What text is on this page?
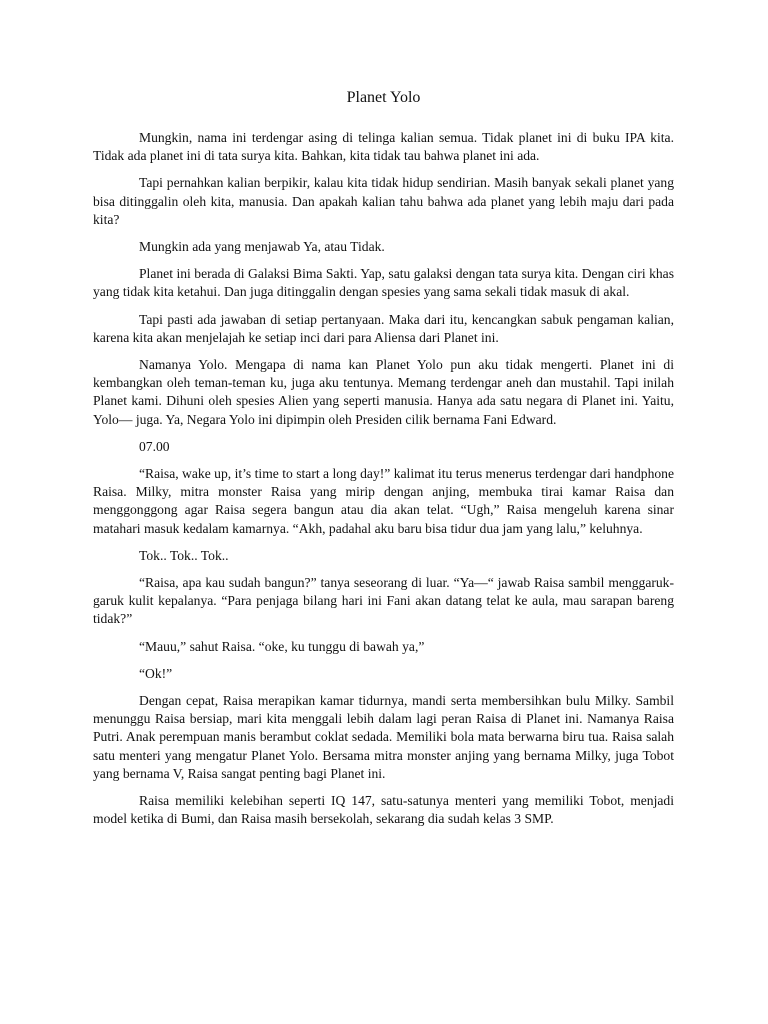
Planet Yolo

Mungkin, nama ini terdengar asing di telinga kalian semua. Tidak planet ini di buku IPA kita. Tidak ada planet ini di tata surya kita. Bahkan, kita tidak tau bahwa planet ini ada.

Tapi pernahkan kalian berpikir, kalau kita tidak hidup sendirian. Masih banyak sekali planet yang bisa ditinggalin oleh kita, manusia. Dan apakah kalian tahu bahwa ada planet yang lebih maju dari pada kita?

Mungkin ada yang menjawab Ya, atau Tidak.

Planet ini berada di Galaksi Bima Sakti. Yap, satu galaksi dengan tata surya kita. Dengan ciri khas yang tidak kita ketahui. Dan juga ditinggalin dengan spesies yang sama sekali tidak masuk di akal.

Tapi pasti ada jawaban di setiap pertanyaan. Maka dari itu, kencangkan sabuk pengaman kalian, karena kita akan menjelajah ke setiap inci dari para Aliensa dari Planet ini.

Namanya Yolo. Mengapa di nama kan Planet Yolo pun aku tidak mengerti. Planet ini di kembangkan oleh teman-teman ku, juga aku tentunya. Memang terdengar aneh dan mustahil. Tapi inilah Planet kami. Dihuni oleh spesies Alien yang seperti manusia. Hanya ada satu negara di Planet ini. Yaitu, Yolo— juga. Ya, Negara Yolo ini dipimpin oleh Presiden cilik bernama Fani Edward.

07.00

“Raisa, wake up, it’s time to start a long day!” kalimat itu terus menerus terdengar dari handphone Raisa. Milky, mitra monster Raisa yang mirip dengan anjing, membuka tirai kamar Raisa dan menggonggong agar Raisa segera bangun atau dia akan telat. “Ugh,” Raisa mengeluh karena sinar matahari masuk kedalam kamarnya. “Akh, padahal aku baru bisa tidur dua jam yang lalu,” keluhnya.

Tok.. Tok.. Tok..

“Raisa, apa kau sudah bangun?” tanya seseorang di luar. “Ya—“ jawab Raisa sambil menggaruk-garuk kulit kepalanya. “Para penjaga bilang hari ini Fani akan datang telat ke aula, mau sarapan bareng tidak?”

“Mauu,” sahut Raisa. “oke, ku tunggu di bawah ya,”

“Ok!”

Dengan cepat, Raisa merapikan kamar tidurnya, mandi serta membersihkan bulu Milky. Sambil menunggu Raisa bersiap, mari kita menggali lebih dalam lagi peran Raisa di Planet ini. Namanya Raisa Putri. Anak perempuan manis berambut coklat sedada. Memiliki bola mata berwarna biru tua. Raisa salah satu menteri yang mengatur Planet Yolo. Bersama mitra monster anjing yang bernama Milky, juga Tobot yang bernama V, Raisa sangat penting bagi Planet ini.

Raisa memiliki kelebihan seperti IQ 147, satu-satunya menteri yang memiliki Tobot, menjadi model ketika di Bumi, dan Raisa masih bersekolah, sekarang dia sudah kelas 3 SMP.
